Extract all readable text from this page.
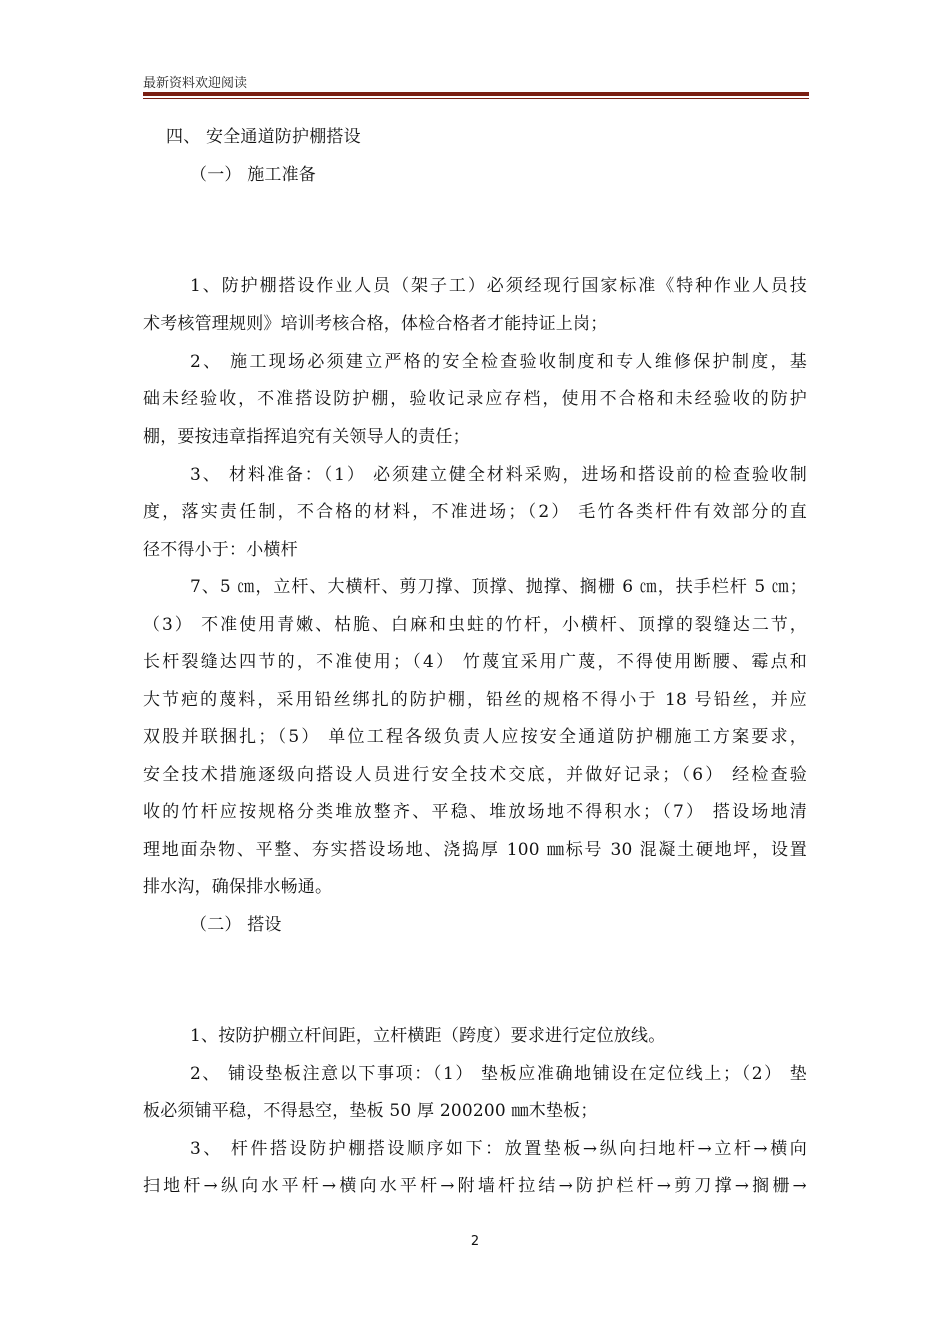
最新资料欢迎阅读
四、 安全通道防护棚搭设
（一） 施工准备
1、防护棚搭设作业人员（架子工）必须经现行国家标准《特种作业人员技
术考核管理规则》培训考核合格，体检合格者才能持证上岗；
2、 施工现场必须建立严格的安全检查验收制度和专人维修保护制度，基
础未经验收，不准搭设防护棚，验收记录应存档，使用不合格和未经验收的防护
棚，要按违章指挥追究有关领导人的责任；
3、 材料准备：（1） 必须建立健全材料采购，进场和搭设前的检查验收制
度，落实责任制，不合格的材料，不准进场；（2） 毛竹各类杆件有效部分的直
径不得小于：小横杆
7、5 ㎝，立杆、大横杆、剪刀撑、顶撑、抛撑、搁栅 6 ㎝，扶手栏杆 5 ㎝；
（3） 不准使用青嫩、枯脆、白麻和虫蛀的竹杆，小横杆、顶撑的裂缝达二节，
长杆裂缝达四节的，不准使用；（4） 竹蔑宜采用广蔑，不得使用断腰、霉点和
大节疤的蔑料，采用铅丝绑扎的防护棚，铅丝的规格不得小于 18 号铅丝，并应
双股并联捆扎；（5） 单位工程各级负责人应按安全通道防护棚施工方案要求，
安全技术措施逐级向搭设人员进行安全技术交底，并做好记录；（6） 经检查验
收的竹杆应按规格分类堆放整齐、平稳、堆放场地不得积水；（7） 搭设场地清
理地面杂物、平整、夯实搭设场地、浇捣厚 100 ㎜标号 30 混凝土硬地坪，设置
排水沟，确保排水畅通。
（二） 搭设
1、按防护棚立杆间距，立杆横距（跨度）要求进行定位放线。
2、 铺设垫板注意以下事项：（1） 垫板应准确地铺设在定位线上；（2） 垫
板必须铺平稳，不得悬空，垫板 50 厚 200200 ㎜木垫板；
3、 杆件搭设防护棚搭设顺序如下：放置垫板→纵向扫地杆→立杆→横向
扫地杆→纵向水平杆→横向水平杆→附墙杆拉结→防护栏杆→剪刀撑→搁栅→
2
